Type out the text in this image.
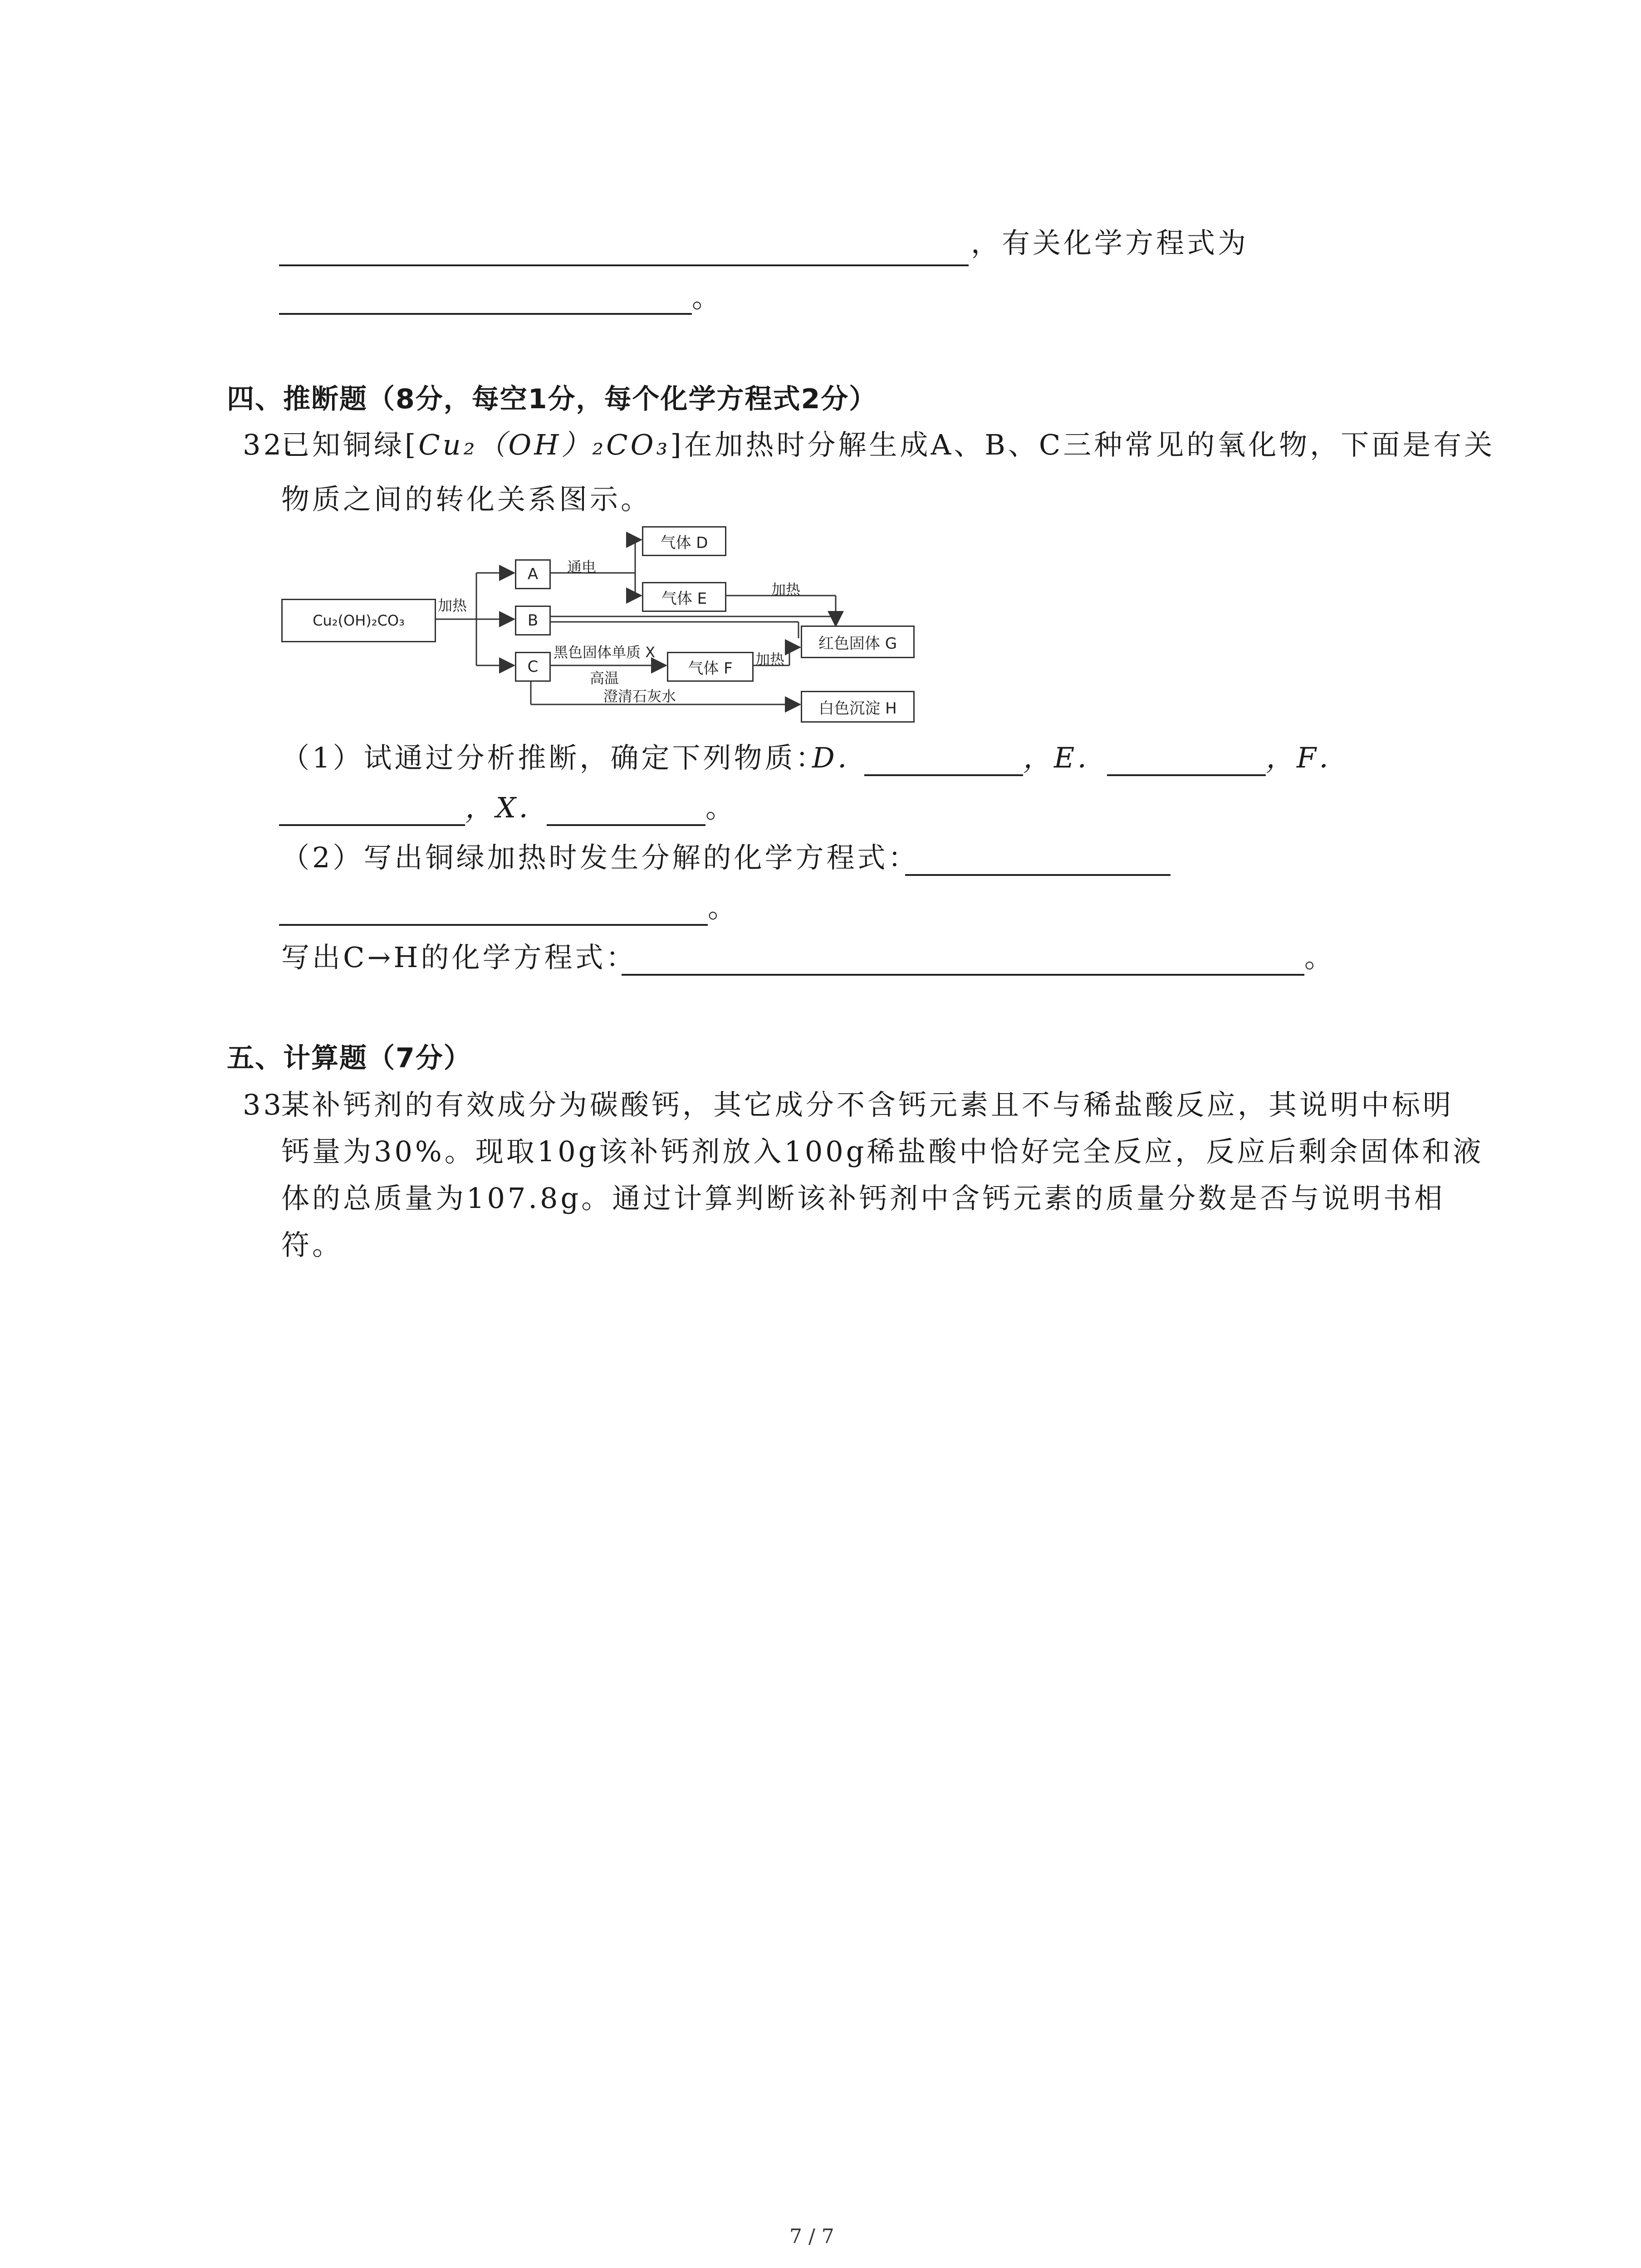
，有关化学方程式为
。
四、推断题（8分，每空1分，每个化学方程式2分）
32.
已知铜绿[Cu₂（OH）₂CO₃]在加热时分解生成A、B、C三种常见的氧化物，下面是有关
物质之间的转化关系图示。
Cu₂(OH)₂CO₃
加热
A
B
C
通电
气体 D
气体 E	加热
红色固体 G
黑色固体单质 X
高温
气体 F	加热
澄清石灰水
白色沉淀 H
（1）试通过分析推断，确定下列物质：
D．	，E．	，F．
，X．	。
（2）写出铜绿加热时发生分解的化学方程式：
。
写出C→H的化学方程式：	。
五、计算题（7分）
33.
某补钙剂的有效成分为碳酸钙，其它成分不含钙元素且不与稀盐酸反应，其说明中标明
钙量为30%。现取10g该补钙剂放入100g稀盐酸中恰好完全反应，反应后剩余固体和液
体的总质量为107.8g。通过计算判断该补钙剂中含钙元素的质量分数是否与说明书相
符。
7 / 7
